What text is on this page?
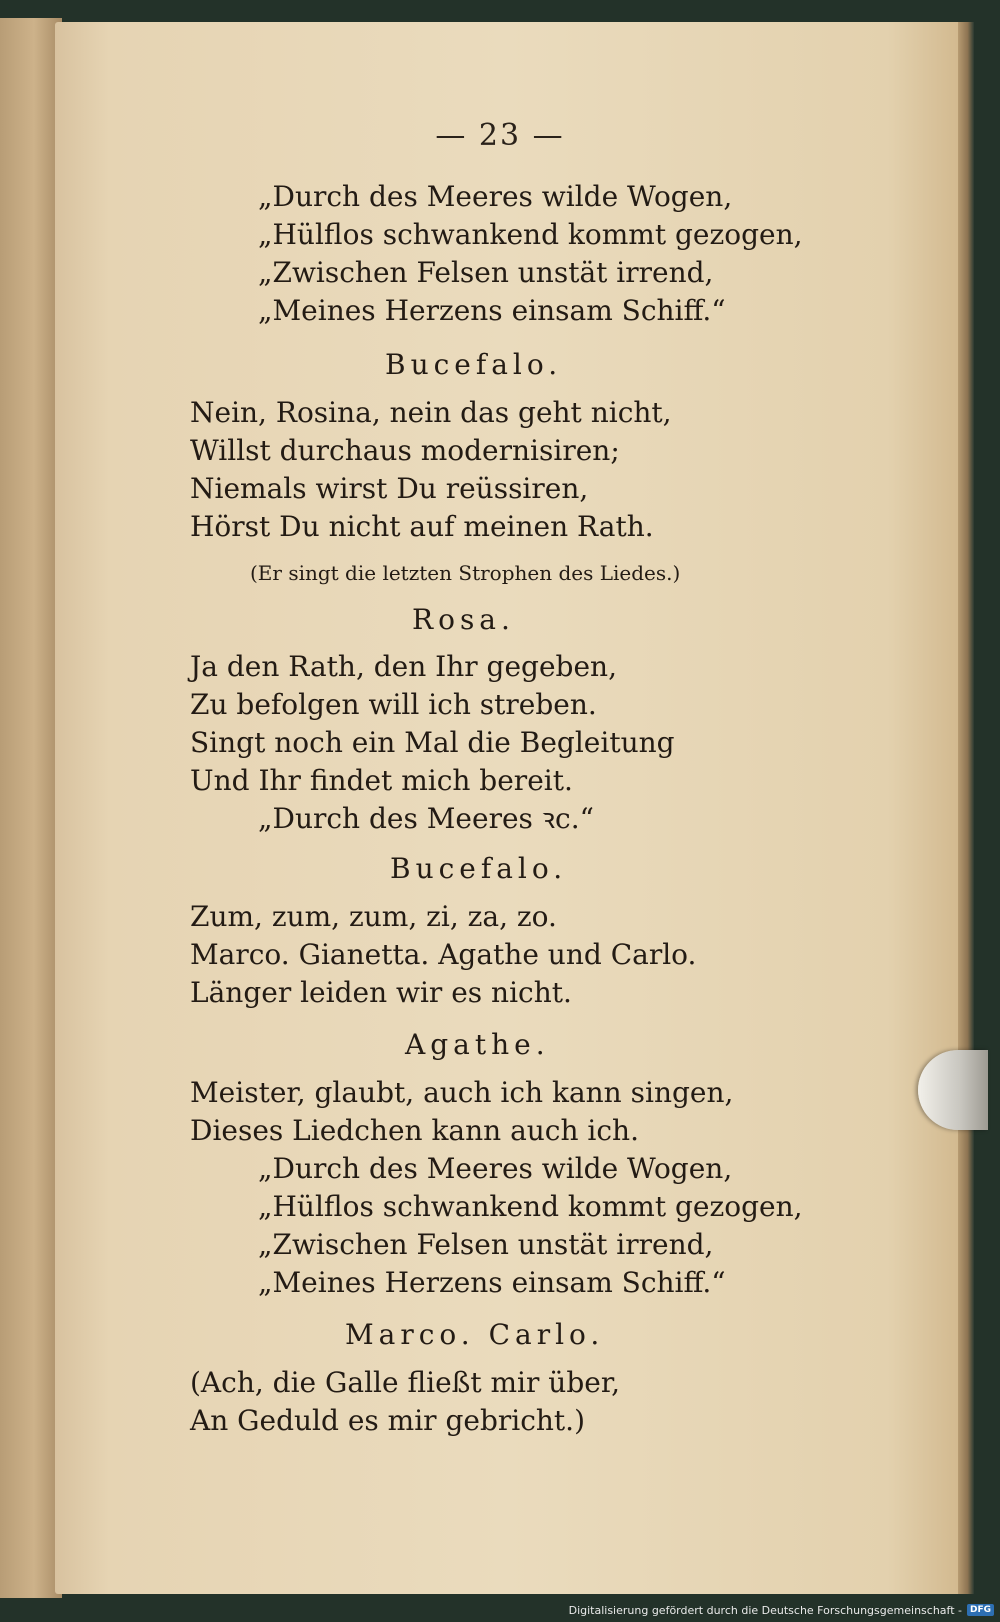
— 23 —
„Durch des Meeres wilde Wogen,
„Hülflos schwankend kommt gezogen,
„Zwischen Felsen unstät irrend,
„Meines Herzens einsam Schiff.“
Bucefalo.
Nein, Rosina, nein das geht nicht,
Willst durchaus modernisiren;
Niemals wirst Du reüssiren,
Hörst Du nicht auf meinen Rath.
(Er singt die letzten Strophen des Liedes.)
Rosa.
Ja den Rath, den Ihr gegeben,
Zu befolgen will ich streben.
Singt noch ein Mal die Begleitung
Und Ihr findet mich bereit.
„Durch des Meeres ꝛc.“
Bucefalo.
Zum, zum, zum, zi, za, zo.
Marco. Gianetta. Agathe und Carlo.
Länger leiden wir es nicht.
Agathe.
Meister, glaubt, auch ich kann singen,
Dieses Liedchen kann auch ich.
„Durch des Meeres wilde Wogen,
„Hülflos schwankend kommt gezogen,
„Zwischen Felsen unstät irrend,
„Meines Herzens einsam Schiff.“
Marco. Carlo.
(Ach, die Galle fließt mir über,
An Geduld es mir gebricht.)
Digitalisierung gefördert durch die Deutsche Forschungsgemeinschaft - DFG
